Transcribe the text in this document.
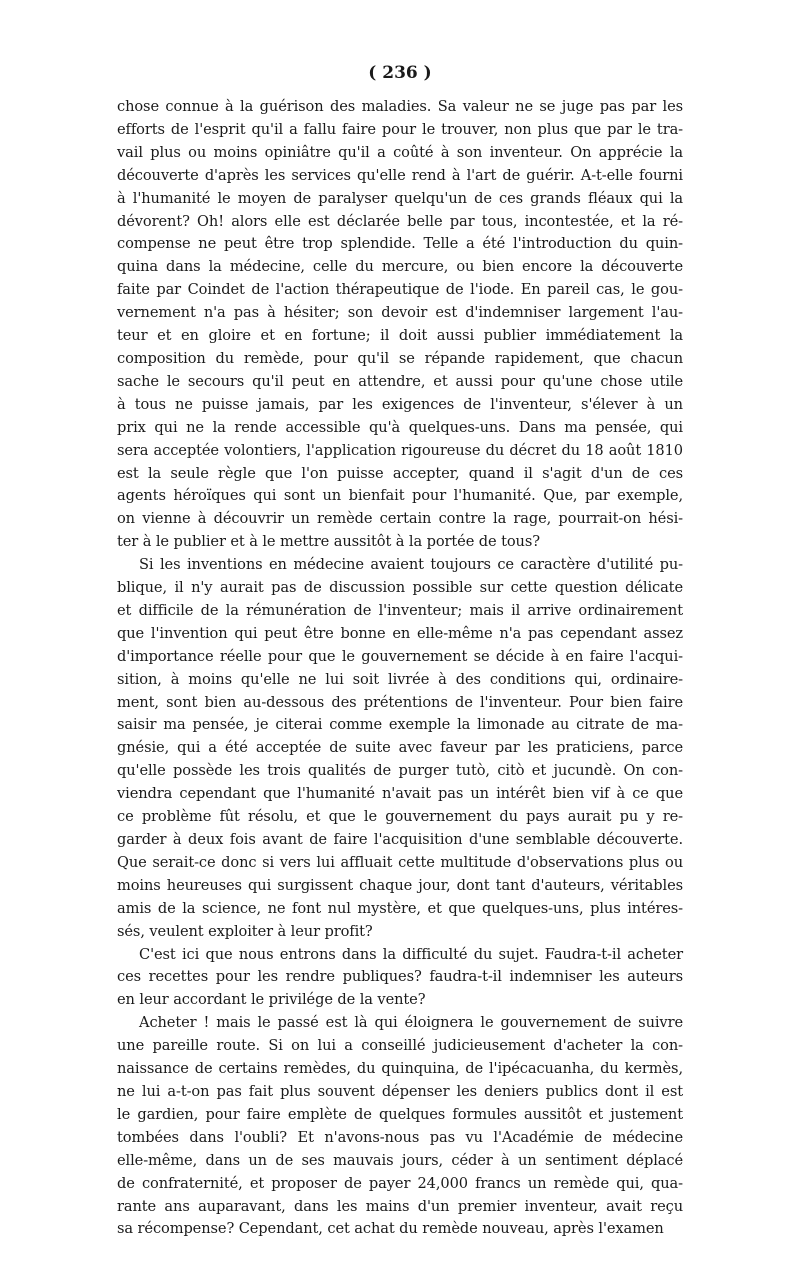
( 236 )
chose connue à la guérison des maladies. Sa valeur ne se juge pas par les
efforts de l'esprit qu'il a fallu faire pour le trouver, non plus que par le tra-
vail plus ou moins opiniâtre qu'il a coûté à son inventeur. On apprécie la
découverte d'après les services qu'elle rend à l'art de guérir. A-t-elle fourni
à l'humanité le moyen de paralyser quelqu'un de ces grands fléaux qui la
dévorent? Oh! alors elle est déclarée belle par tous, incontestée, et la ré-
compense ne peut être trop splendide. Telle a été l'introduction du quin-
quina dans la médecine, celle du mercure, ou bien encore la découverte
faite par Coindet de l'action thérapeutique de l'iode. En pareil cas, le gou-
vernement n'a pas à hésiter; son devoir est d'indemniser largement l'au-
teur et en gloire et en fortune; il doit aussi publier immédiatement la
composition du remède, pour qu'il se répande rapidement, que chacun
sache le secours qu'il peut en attendre, et aussi pour qu'une chose utile
à tous ne puisse jamais, par les exigences de l'inventeur, s'élever à un
prix qui ne la rende accessible qu'à quelques-uns. Dans ma pensée, qui
sera acceptée volontiers, l'application rigoureuse du décret du 18 août 1810
est la seule règle que l'on puisse accepter, quand il s'agit d'un de ces
agents héroïques qui sont un bienfait pour l'humanité. Que, par exemple,
on vienne à découvrir un remède certain contre la rage, pourrait-on hési-
ter à le publier et à le mettre aussitôt à la portée de tous?
Si les inventions en médecine avaient toujours ce caractère d'utilité pu-
blique, il n'y aurait pas de discussion possible sur cette question délicate
et difficile de la rémunération de l'inventeur; mais il arrive ordinairement
que l'invention qui peut être bonne en elle-même n'a pas cependant assez
d'importance réelle pour que le gouvernement se décide à en faire l'acqui-
sition, à moins qu'elle ne lui soit livrée à des conditions qui, ordinaire-
ment, sont bien au-dessous des prétentions de l'inventeur. Pour bien faire
saisir ma pensée, je citerai comme exemple la limonade au citrate de ma-
gnésie, qui a été acceptée de suite avec faveur par les praticiens, parce
qu'elle possède les trois qualités de purger tutò, citò et jucundè. On con-
viendra cependant que l'humanité n'avait pas un intérêt bien vif à ce que
ce problème fût résolu, et que le gouvernement du pays aurait pu y re-
garder à deux fois avant de faire l'acquisition d'une semblable découverte.
Que serait-ce donc si vers lui affluait cette multitude d'observations plus ou
moins heureuses qui surgissent chaque jour, dont tant d'auteurs, véritables
amis de la science, ne font nul mystère, et que quelques-uns, plus intéres-
sés, veulent exploiter à leur profit?
C'est ici que nous entrons dans la difficulté du sujet. Faudra-t-il acheter
ces recettes pour les rendre publiques? faudra-t-il indemniser les auteurs
en leur accordant le privilége de la vente?
Acheter ! mais le passé est là qui éloignera le gouvernement de suivre
une pareille route. Si on lui a conseillé judicieusement d'acheter la con-
naissance de certains remèdes, du quinquina, de l'ipécacuanha, du kermès,
ne lui a-t-on pas fait plus souvent dépenser les deniers publics dont il est
le gardien, pour faire emplète de quelques formules aussitôt et justement
tombées dans l'oubli? Et n'avons-nous pas vu l'Académie de médecine
elle-même, dans un de ses mauvais jours, céder à un sentiment déplacé
de confraternité, et proposer de payer 24,000 francs un remède qui, qua-
rante ans auparavant, dans les mains d'un premier inventeur, avait reçu
sa récompense? Cependant, cet achat du remède nouveau, après l'examen
